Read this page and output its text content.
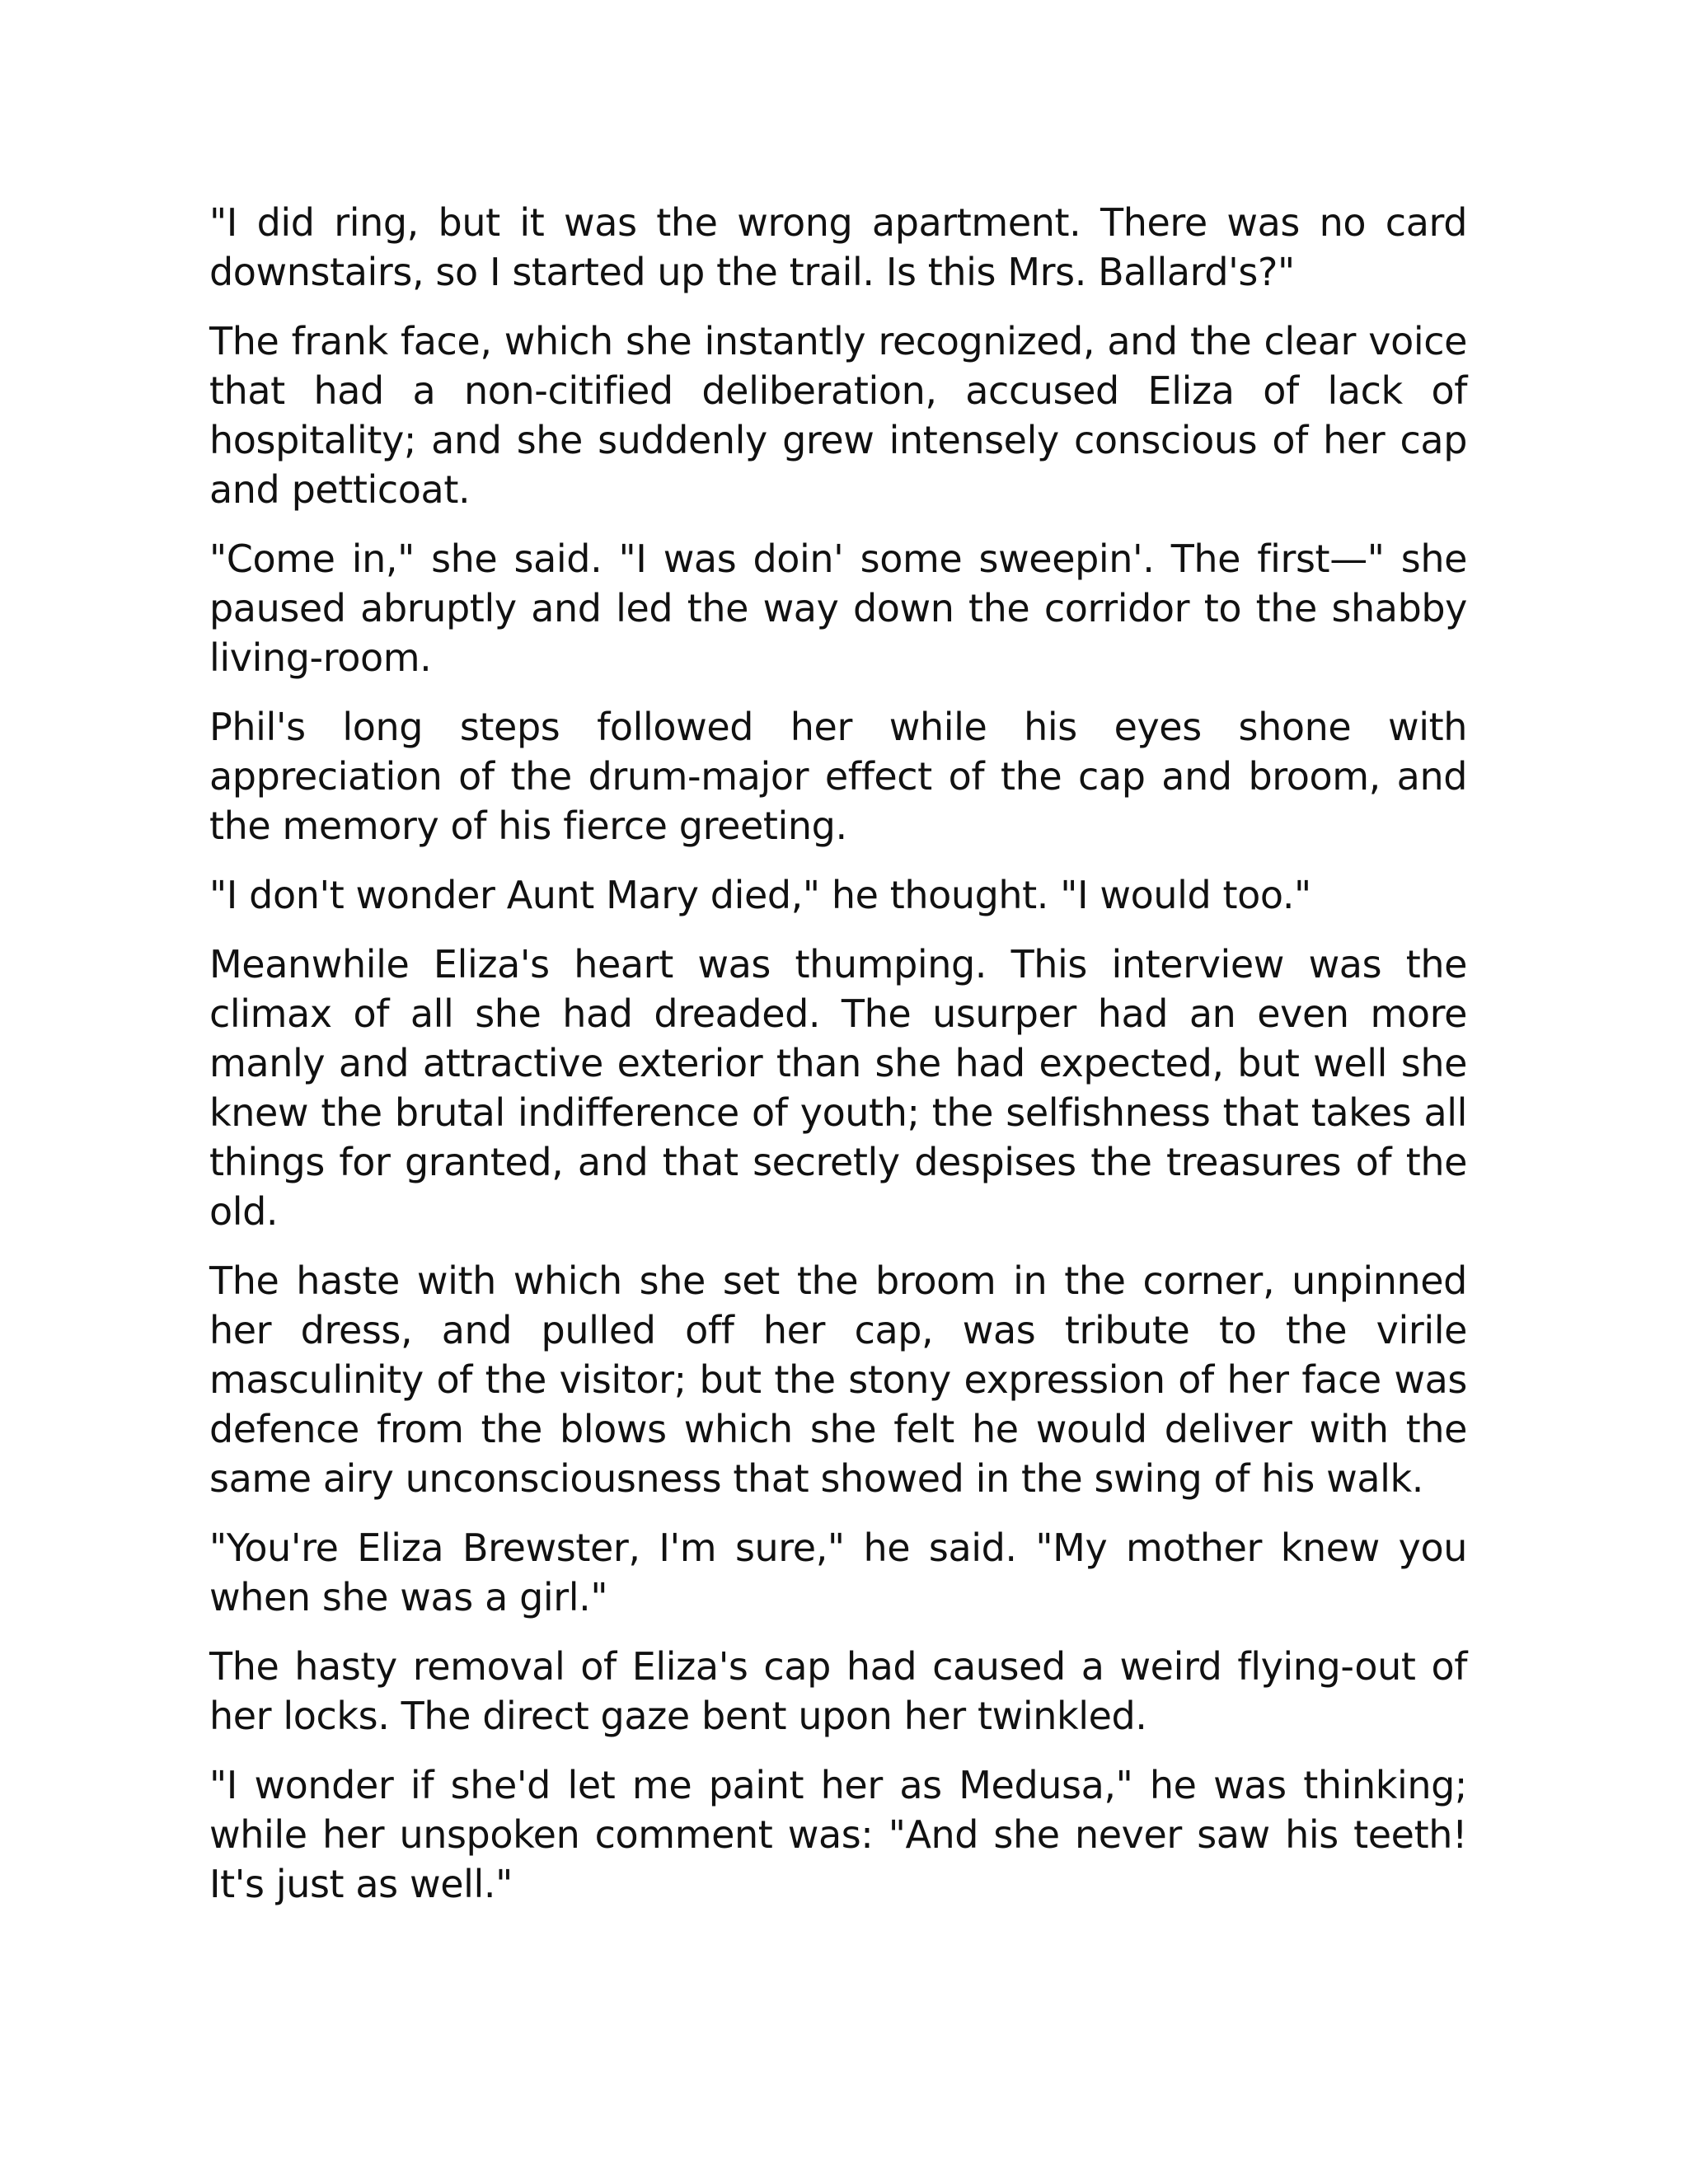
"I did ring, but it was the wrong apartment. There was no card downstairs, so I started up the trail. Is this Mrs. Ballard's?"

The frank face, which she instantly recognized, and the clear voice that had a non-citified deliberation, accused Eliza of lack of hospitality; and she suddenly grew intensely conscious of her cap and petticoat.

"Come in," she said. "I was doin' some sweepin'. The first—" she paused abruptly and led the way down the corridor to the shabby living-room.

Phil's long steps followed her while his eyes shone with appreciation of the drum-major effect of the cap and broom, and the memory of his fierce greeting.

"I don't wonder Aunt Mary died," he thought. "I would too."

Meanwhile Eliza's heart was thumping. This interview was the climax of all she had dreaded. The usurper had an even more manly and attractive exterior than she had expected, but well she knew the brutal indifference of youth; the selfishness that takes all things for granted, and that secretly despises the treasures of the old.

The haste with which she set the broom in the corner, unpinned her dress, and pulled off her cap, was tribute to the virile masculinity of the visitor; but the stony expression of her face was defence from the blows which she felt he would deliver with the same airy unconsciousness that showed in the swing of his walk.

"You're Eliza Brewster, I'm sure," he said. "My mother knew you when she was a girl."

The hasty removal of Eliza's cap had caused a weird flying-out of her locks. The direct gaze bent upon her twinkled.

"I wonder if she'd let me paint her as Medusa," he was thinking; while her unspoken comment was: "And she never saw his teeth! It's just as well."
